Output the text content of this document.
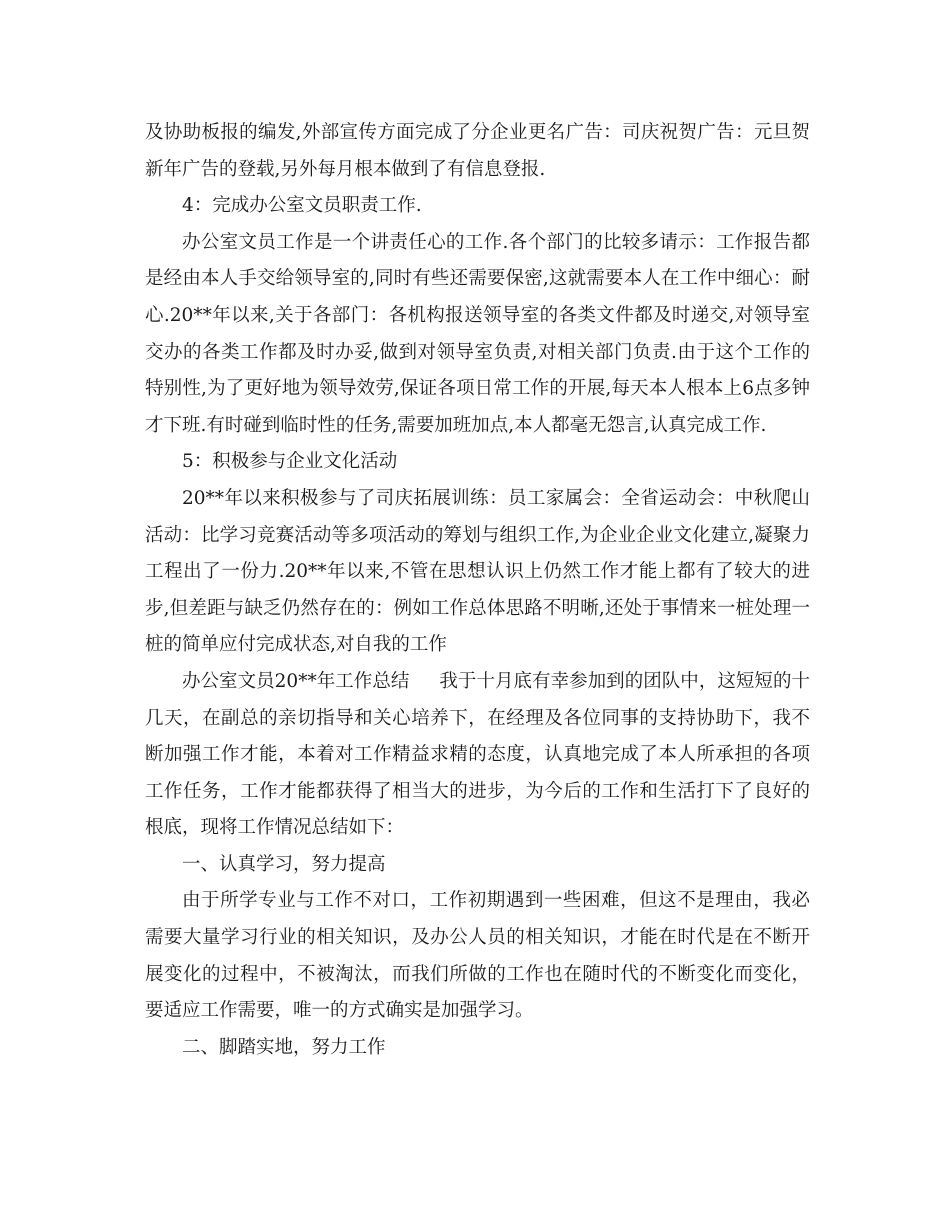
及协助板报的编发,外部宣传方面完成了分企业更名广告：司庆祝贺广告：元旦贺新年广告的登载,另外每月根本做到了有信息登报.

4：完成办公室文员职责工作.

办公室文员工作是一个讲责任心的工作.各个部门的比较多请示：工作报告都是经由本人手交给领导室的,同时有些还需要保密,这就需要本人在工作中细心：耐心.20**年以来,关于各部门：各机构报送领导室的各类文件都及时递交,对领导室交办的各类工作都及时办妥,做到对领导室负责,对相关部门负责.由于这个工作的特别性,为了更好地为领导效劳,保证各项日常工作的开展,每天本人根本上6点多钟才下班.有时碰到临时性的任务,需要加班加点,本人都毫无怨言,认真完成工作.

5：积极参与企业文化活动

20**年以来积极参与了司庆拓展训练：员工家属会：全省运动会：中秋爬山活动：比学习竞赛活动等多项活动的筹划与组织工作,为企业企业文化建立,凝聚力工程出了一份力.20**年以来,不管在思想认识上仍然工作才能上都有了较大的进步,但差距与缺乏仍然存在的：例如工作总体思路不明晰,还处于事情来一桩处理一桩的简单应付完成状态,对自我的工作

办公室文员20**年工作总结 我于十月底有幸参加到的团队中，这短短的十几天，在副总的亲切指导和关心培养下，在经理及各位同事的支持协助下，我不断加强工作才能，本着对工作精益求精的态度，认真地完成了本人所承担的各项工作任务，工作才能都获得了相当大的进步，为今后的工作和生活打下了良好的根底，现将工作情况总结如下：

一、认真学习，努力提高

由于所学专业与工作不对口，工作初期遇到一些困难，但这不是理由，我必需要大量学习行业的相关知识，及办公人员的相关知识，才能在时代是在不断开展变化的过程中，不被淘汰，而我们所做的工作也在随时代的不断变化而变化，要适应工作需要，唯一的方式确实是加强学习。

二、脚踏实地，努力工作
